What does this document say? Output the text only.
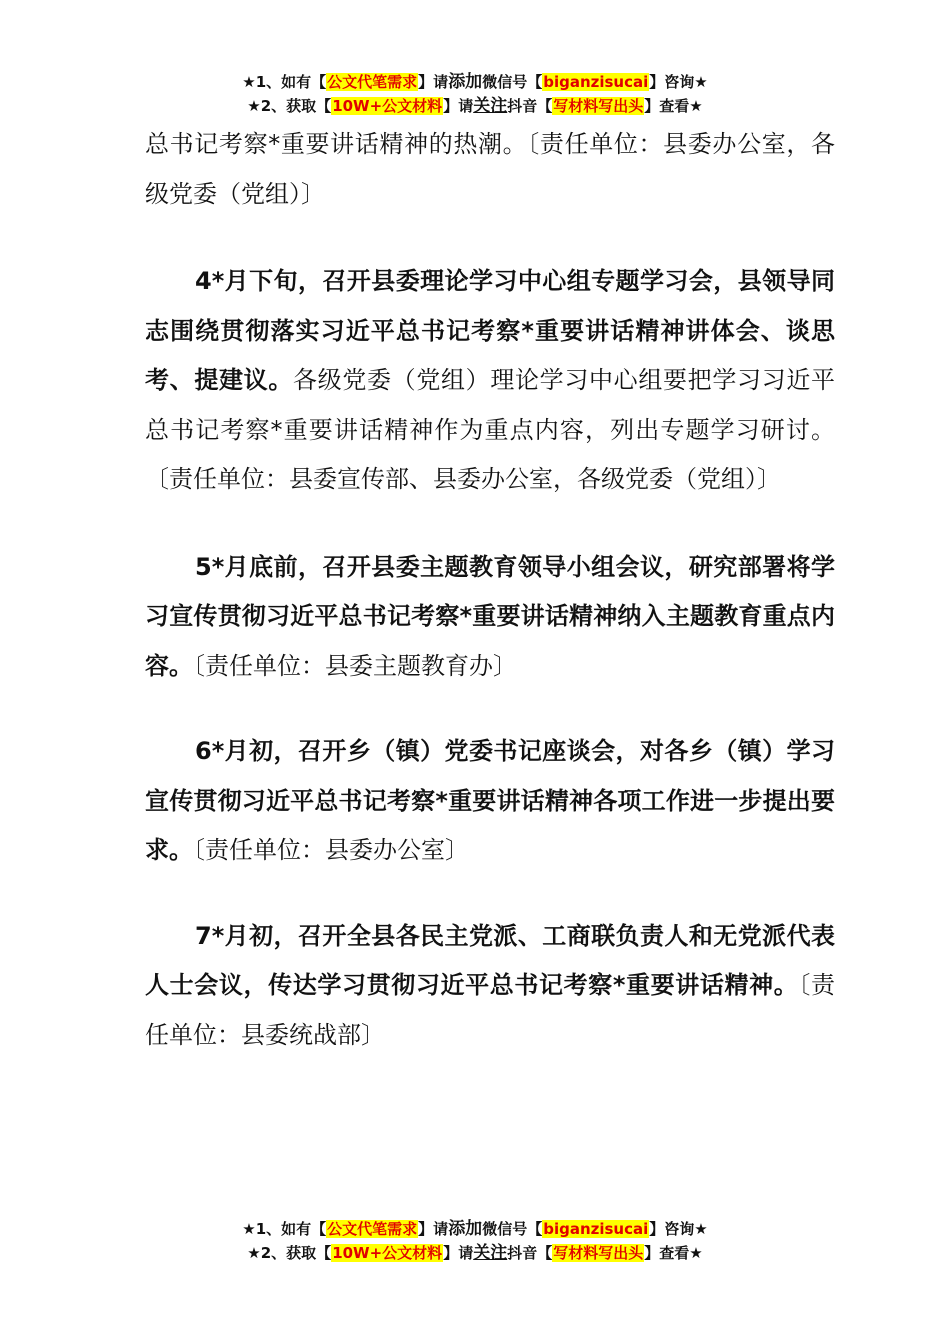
★1、如有【公文代笔需求】请添加微信号【biganzisucai】咨询★
★2、获取【10W+公文材料】请关注抖音【写材料写出头】查看★

总书记考察*重要讲话精神的热潮。〔责任单位：县委办公室，各级党委（党组）〕

4*月下旬，召开县委理论学习中心组专题学习会，县领导同志围绕贯彻落实习近平总书记考察*重要讲话精神讲体会、谈思考、提建议。各级党委（党组）理论学习中心组要把学习习近平总书记考察*重要讲话精神作为重点内容，列出专题学习研讨。〔责任单位：县委宣传部、县委办公室，各级党委（党组）〕

5*月底前，召开县委主题教育领导小组会议，研究部署将学习宣传贯彻习近平总书记考察*重要讲话精神纳入主题教育重点内容。〔责任单位：县委主题教育办〕

6*月初，召开乡（镇）党委书记座谈会，对各乡（镇）学习宣传贯彻习近平总书记考察*重要讲话精神各项工作进一步提出要求。〔责任单位：县委办公室〕

7*月初，召开全县各民主党派、工商联负责人和无党派代表人士会议，传达学习贯彻习近平总书记考察*重要讲话精神。〔责任单位：县委统战部〕

★1、如有【公文代笔需求】请添加微信号【biganzisucai】咨询★
★2、获取【10W+公文材料】请关注抖音【写材料写出头】查看★
